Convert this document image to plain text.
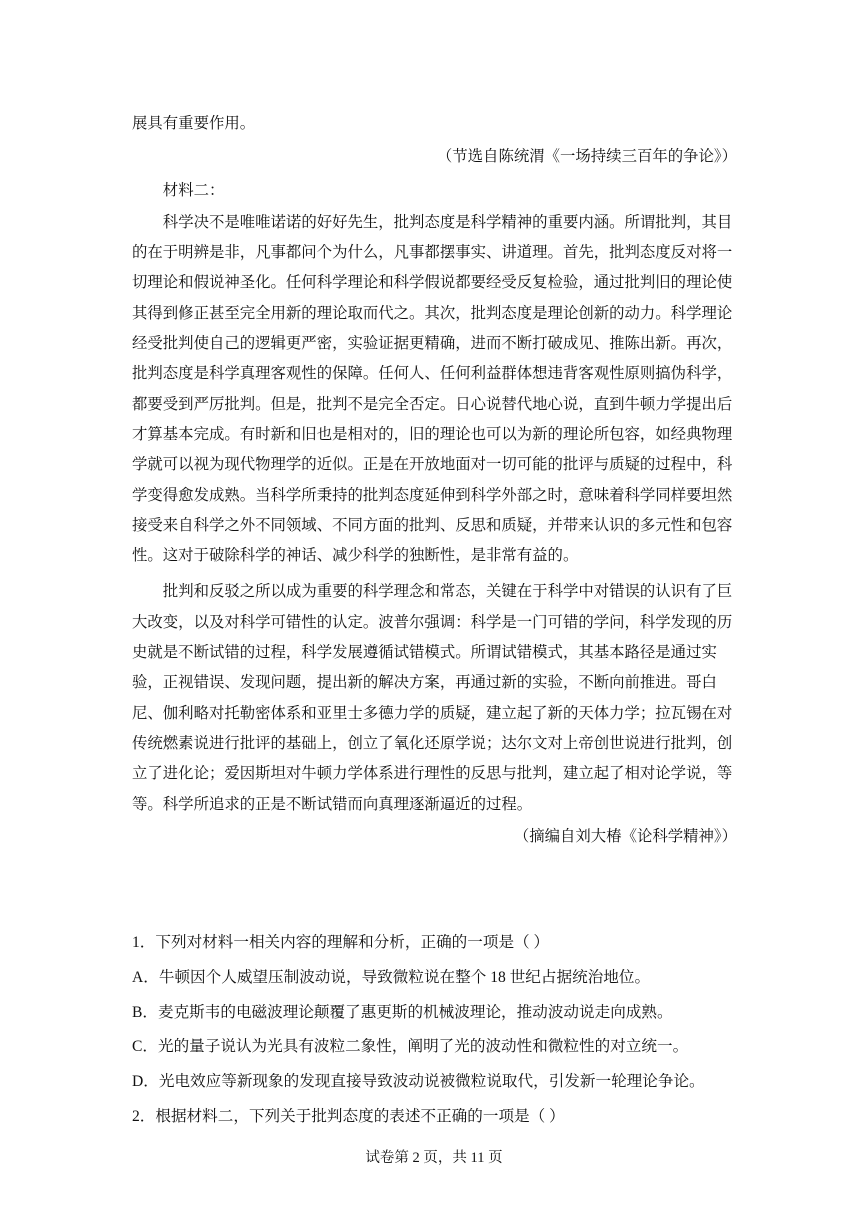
展具有重要作用。

（节选自陈统渭《一场持续三百年的争论》）

材料二：

科学决不是唯唯诺诺的好好先生，批判态度是科学精神的重要内涵。所谓批判，其目的在于明辨是非，凡事都问个为什么，凡事都摆事实、讲道理。首先，批判态度反对将一切理论和假说神圣化。任何科学理论和科学假说都要经受反复检验，通过批判旧的理论使其得到修正甚至完全用新的理论取而代之。其次，批判态度是理论创新的动力。科学理论经受批判使自己的逻辑更严密，实验证据更精确，进而不断打破成见、推陈出新。再次，批判态度是科学真理客观性的保障。任何人、任何利益群体想违背客观性原则搞伪科学，都要受到严厉批判。但是，批判不是完全否定。日心说替代地心说，直到牛顿力学提出后才算基本完成。有时新和旧也是相对的，旧的理论也可以为新的理论所包容，如经典物理学就可以视为现代物理学的近似。正是在开放地面对一切可能的批评与质疑的过程中，科学变得愈发成熟。当科学所秉持的批判态度延伸到科学外部之时，意味着科学同样要坦然接受来自科学之外不同领域、不同方面的批判、反思和质疑，并带来认识的多元性和包容性。这对于破除科学的神话、减少科学的独断性，是非常有益的。

批判和反驳之所以成为重要的科学理念和常态，关键在于科学中对错误的认识有了巨大改变，以及对科学可错性的认定。波普尔强调：科学是一门可错的学问，科学发现的历史就是不断试错的过程，科学发展遵循试错模式。所谓试错模式，其基本路径是通过实验，正视错误、发现问题，提出新的解决方案，再通过新的实验，不断向前推进。哥白尼、伽利略对托勒密体系和亚里士多德力学的质疑，建立起了新的天体力学；拉瓦锡在对传统燃素说进行批评的基础上，创立了氧化还原学说；达尔文对上帝创世说进行批判，创立了进化论；爱因斯坦对牛顿力学体系进行理性的反思与批判，建立起了相对论学说，等等。科学所追求的正是不断试错而向真理逐渐逼近的过程。

（摘编自刘大椿《论科学精神》）

1．下列对材料一相关内容的理解和分析，正确的一项是（ ）

A．牛顿因个人威望压制波动说，导致微粒说在整个 18 世纪占据统治地位。

B．麦克斯韦的电磁波理论颠覆了惠更斯的机械波理论，推动波动说走向成熟。

C．光的量子说认为光具有波粒二象性，阐明了光的波动性和微粒性的对立统一。

D．光电效应等新现象的发现直接导致波动说被微粒说取代，引发新一轮理论争论。

2．根据材料二，下列关于批判态度的表述不正确的一项是（ ）

试卷第 2 页，共 11 页
